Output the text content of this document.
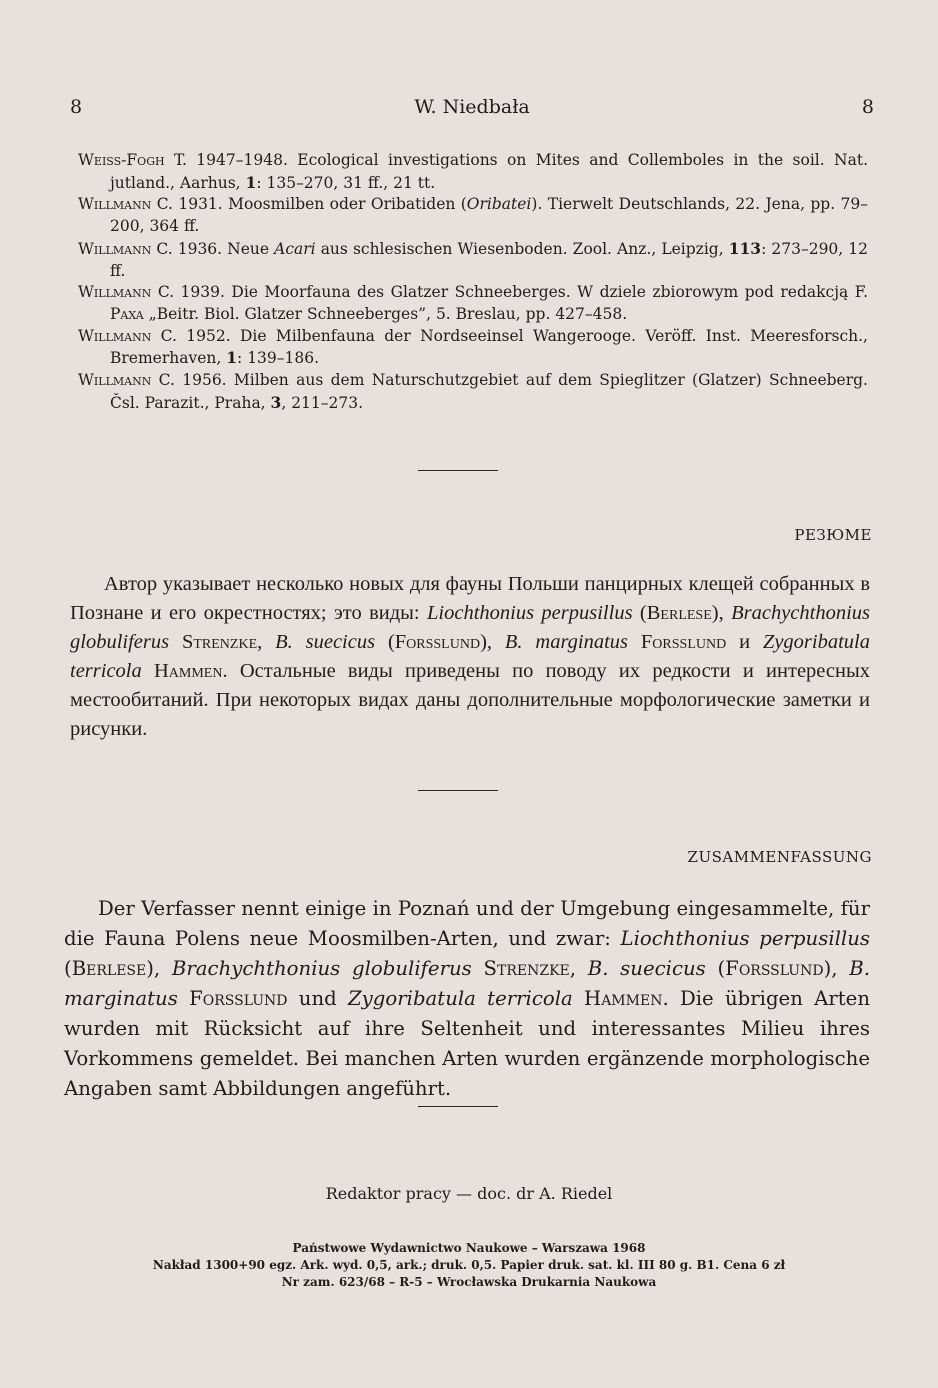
8	W. Niedbała	8
Weiss-Fogh T. 1947–1948. Ecological investigations on Mites and Collemboles in the soil. Nat. jutland., Aarhus, 1: 135–270, 31 ff., 21 tt.
Willmann C. 1931. Moosmilben oder Oribatiden (Oribatei). Tierwelt Deutschlands, 22. Jena, pp. 79–200, 364 ff.
Willmann C. 1936. Neue Acari aus schlesischen Wiesenboden. Zool. Anz., Leipzig, 113: 273–290, 12 ff.
Willmann C. 1939. Die Moorfauna des Glatzer Schneeberges. W dziele zbiorowym pod redakcją F. Paxa „Beitr. Biol. Glatzer Schneeberges”, 5. Breslau, pp. 427–458.
Willmann C. 1952. Die Milbenfauna der Nordseeinsel Wangerooge. Veröff. Inst. Meeresforsch., Bremerhaven, 1: 139–186.
Willmann C. 1956. Milben aus dem Naturschutzgebiet auf dem Spieglitzer (Glatzer) Schneeberg. Čsl. Parazit., Praha, 3, 211–273.
РЕЗЮМЕ

Автор указывает несколько новых для фауны Польши панцирных клещей собранных в Познане и его окрестностях; это виды: Liochthonius perpusillus (Berlese), Brachychthonius globuliferus Strenzke, B. suecicus (Forsslund), B. marginatus Forsslund и Zygoribatula terricola Hammen. Остальные виды приведены по поводу их редкости и интересных местообитаний. При некоторых видах даны дополнительные морфологические заметки и рисунки.

ZUSAMMENFASSUNG

Der Verfasser nennt einige in Poznań und der Umgebung eingesammelte, für die Fauna Polens neue Moosmilben-Arten, und zwar: Liochthonius perpusillus (Berlese), Brachychthonius globuliferus Strenzke, B. suecicus (Forsslund), B. marginatus Forsslund und Zygoribatula terricola Hammen. Die übrigen Arten wurden mit Rücksicht auf ihre Seltenheit und interessantes Milieu ihres Vorkommens gemeldet. Bei manchen Arten wurden ergänzende morphologische Angaben samt Abbildungen angeführt.

Redaktor pracy — doc. dr A. Riedel
Państwowe Wydawnictwo Naukowe – Warszawa 1968
Nakład 1300+90 egz. Ark. wyd. 0,5, ark.; druk. 0,5. Papier druk. sat. kl. III 80 g. B1. Cena 6 zł
Nr zam. 623/68 – R-5 – Wrocławska Drukarnia Naukowa
